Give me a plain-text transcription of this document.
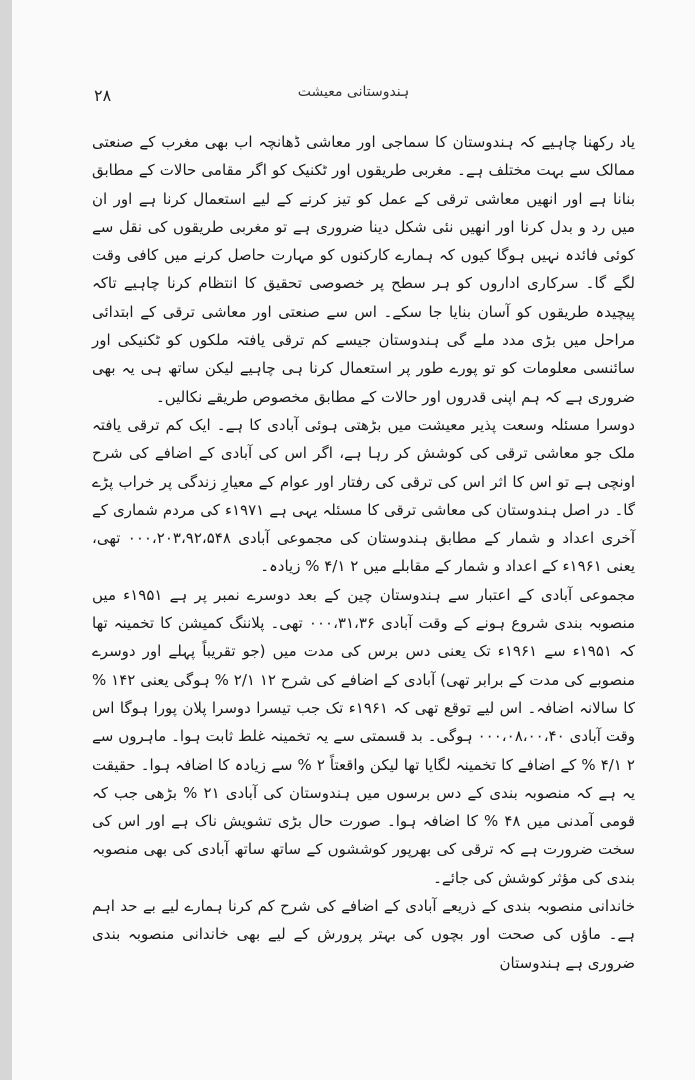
۲۸	ہندوستانی معیشت

یاد رکھنا چاہیے کہ ہندوستان کا سماجی اور معاشی ڈھانچہ اب بھی مغرب کے صنعتی ممالک سے بہت مختلف ہے۔ مغربی طریقوں اور ٹکنیک کو اگر مقامی حالات کے مطابق بنانا ہے اور انھیں معاشی ترقی کے عمل کو تیز کرنے کے لیے استعمال کرنا ہے اور ان میں رد و بدل کرنا اور انھیں نئی شکل دینا ضروری ہے تو مغربی طریقوں کی نقل سے کوئی فائدہ نہیں ہوگا کیوں کہ ہمارے کارکنوں کو مہارت حاصل کرنے میں کافی وقت لگے گا۔ سرکاری اداروں کو ہر سطح پر خصوصی تحقیق کا انتظام کرنا چاہیے تاکہ پیچیدہ طریقوں کو آسان بنایا جا سکے۔ اس سے صنعتی اور معاشی ترقی کے ابتدائی مراحل میں بڑی مدد ملے گی ہندوستان جیسے کم ترقی یافتہ ملکوں کو ٹکنیکی اور سائنسی معلومات کو تو پورے طور پر استعمال کرنا ہی چاہیے لیکن ساتھ ہی یہ بھی ضروری ہے کہ ہم اپنی قدروں اور حالات کے مطابق مخصوص طریقے نکالیں۔

دوسرا مسئلہ وسعت پذیر معیشت میں بڑھتی ہوئی آبادی کا ہے۔ ایک کم ترقی یافتہ ملک جو معاشی ترقی کی کوشش کر رہا ہے، اگر اس کی آبادی کے اضافے کی شرح اونچی ہے تو اس کا اثر اس کی ترقی کی رفتار اور عوام کے معیارِ زندگی پر خراب پڑے گا۔ در اصل ہندوستان کی معاشی ترقی کا مسئلہ یہی ہے ۱۹۷۱ء کی مردم شماری کے آخری اعداد و شمار کے مطابق ہندوستان کی مجموعی آبادی ۰۰۰،۲۰۳،۹۲،۵۴۸ تھی، یعنی ۱۹۶۱ء کے اعداد و شمار کے مقابلے میں ۲ ۴/۱ % زیادہ۔

مجموعی آبادی کے اعتبار سے ہندوستان چین کے بعد دوسرے نمبر پر ہے ۱۹۵۱ء میں منصوبہ بندی شروع ہونے کے وقت آبادی ۰۰۰،۳۱،۳۶ تھی۔ پلاننگ کمیشن کا تخمینہ تھا کہ ۱۹۵۱ء سے ۱۹۶۱ء تک یعنی دس برس کی مدت میں (جو تقریباً پہلے اور دوسرے منصوبے کی مدت کے برابر تھی) آبادی کے اضافے کی شرح ۱۲ ۲/۱ % ہوگی یعنی ۱۴۲ % کا سالانہ اضافہ۔ اس لیے توقع تھی کہ ۱۹۶۱ء تک جب تیسرا دوسرا پلان پورا ہوگا اس وقت آبادی ۰۰۰،۰۸،۰۰،۴۰ ہوگی۔ بد قسمتی سے یہ تخمینہ غلط ثابت ہوا۔ ماہروں سے ۲ ۴/۱ % کے اضافے کا تخمینہ لگایا تھا لیکن واقعتاً ۲ % سے زیادہ کا اضافہ ہوا۔ حقیقت یہ ہے کہ منصوبہ بندی کے دس برسوں میں ہندوستان کی آبادی ۲۱ % بڑھی جب کہ قومی آمدنی میں ۴۸ % کا اضافہ ہوا۔ صورت حال بڑی تشویش ناک ہے اور اس کی سخت ضرورت ہے کہ ترقی کی بھرپور کوششوں کے ساتھ ساتھ آبادی کی بھی منصوبہ بندی کی مؤثر کوشش کی جائے۔

خاندانی منصوبہ بندی کے ذریعے آبادی کے اضافے کی شرح کم کرنا ہمارے لیے بے حد اہم ہے۔ ماؤں کی صحت اور بچوں کی بہتر پرورش کے لیے بھی خاندانی منصوبہ بندی ضروری ہے ہندوستان
